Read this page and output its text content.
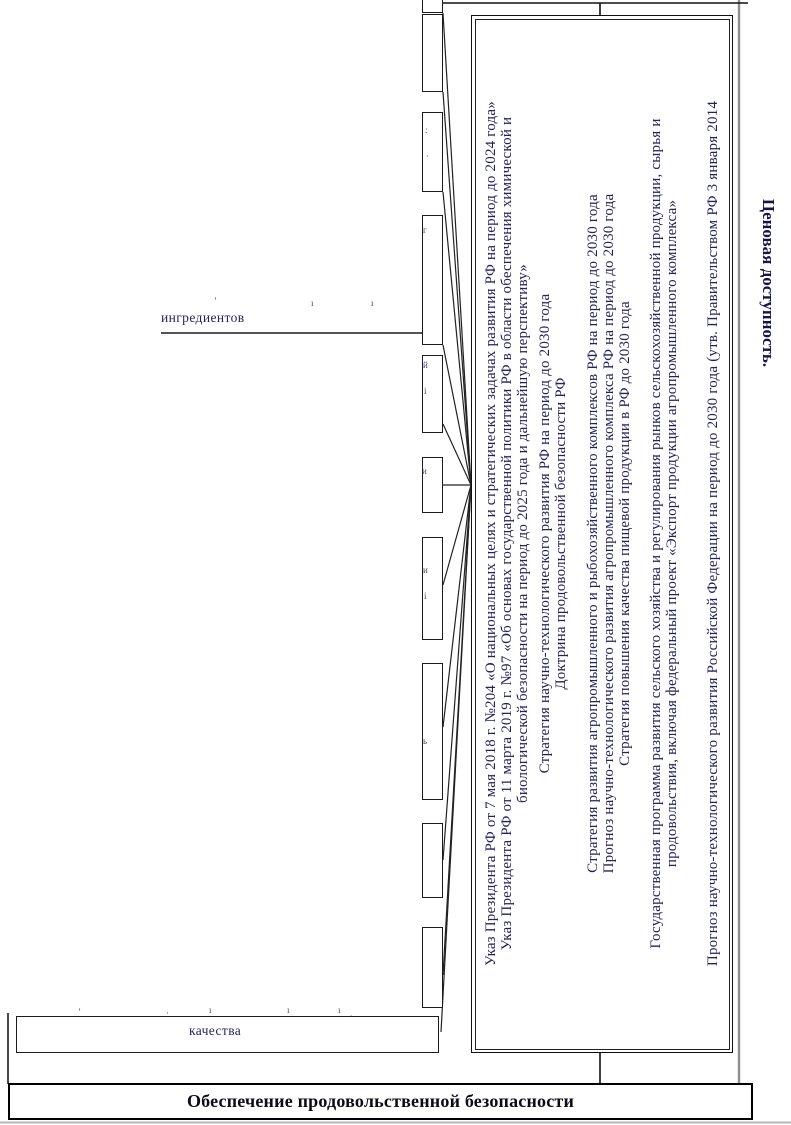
ингредиентов	Указ Президента РФ от 7 мая 2018 г. №204 «О национальных целях и стратегических задачах развития РФ на период до 2024 года» Указ Президента РФ от 11 марта 2019 г. №97 «Об основах государственной политики РФ в области обеспечения химической и биологической безопасности на период до 2025 года и дальнейшую перспективу» Стратегия научно-технологического развития РФ на период до 2030 года Доктрина продовольственной безопасности РФ Стратегия развития агропромышленного и рыбохозяйственного комплексов РФ на период до 2030 года Прогноз научно-технологического развития агропромышленного комплекса РФ на период до 2030 года Стратегия повышения качества пищевой продукции в РФ до 2030 года Государственная программа развития сельского хозяйства и регулирования рынков сельскохозяйственной продукции, сырья и продовольствия, включая федеральный проект «Экспорт продукции агропромышленного комплекса» Прогноз научно-технологического развития Российской Федерации на период до 2030 года (утв. Правительством РФ 3 января 2014 Ценовая доступность.
качества
Обеспечение продовольственной безопасности
ʼ	ı	ı
ʼ	·	ı	ı	ı ˏ
:
·
г
й
і
и
и
і
ь
